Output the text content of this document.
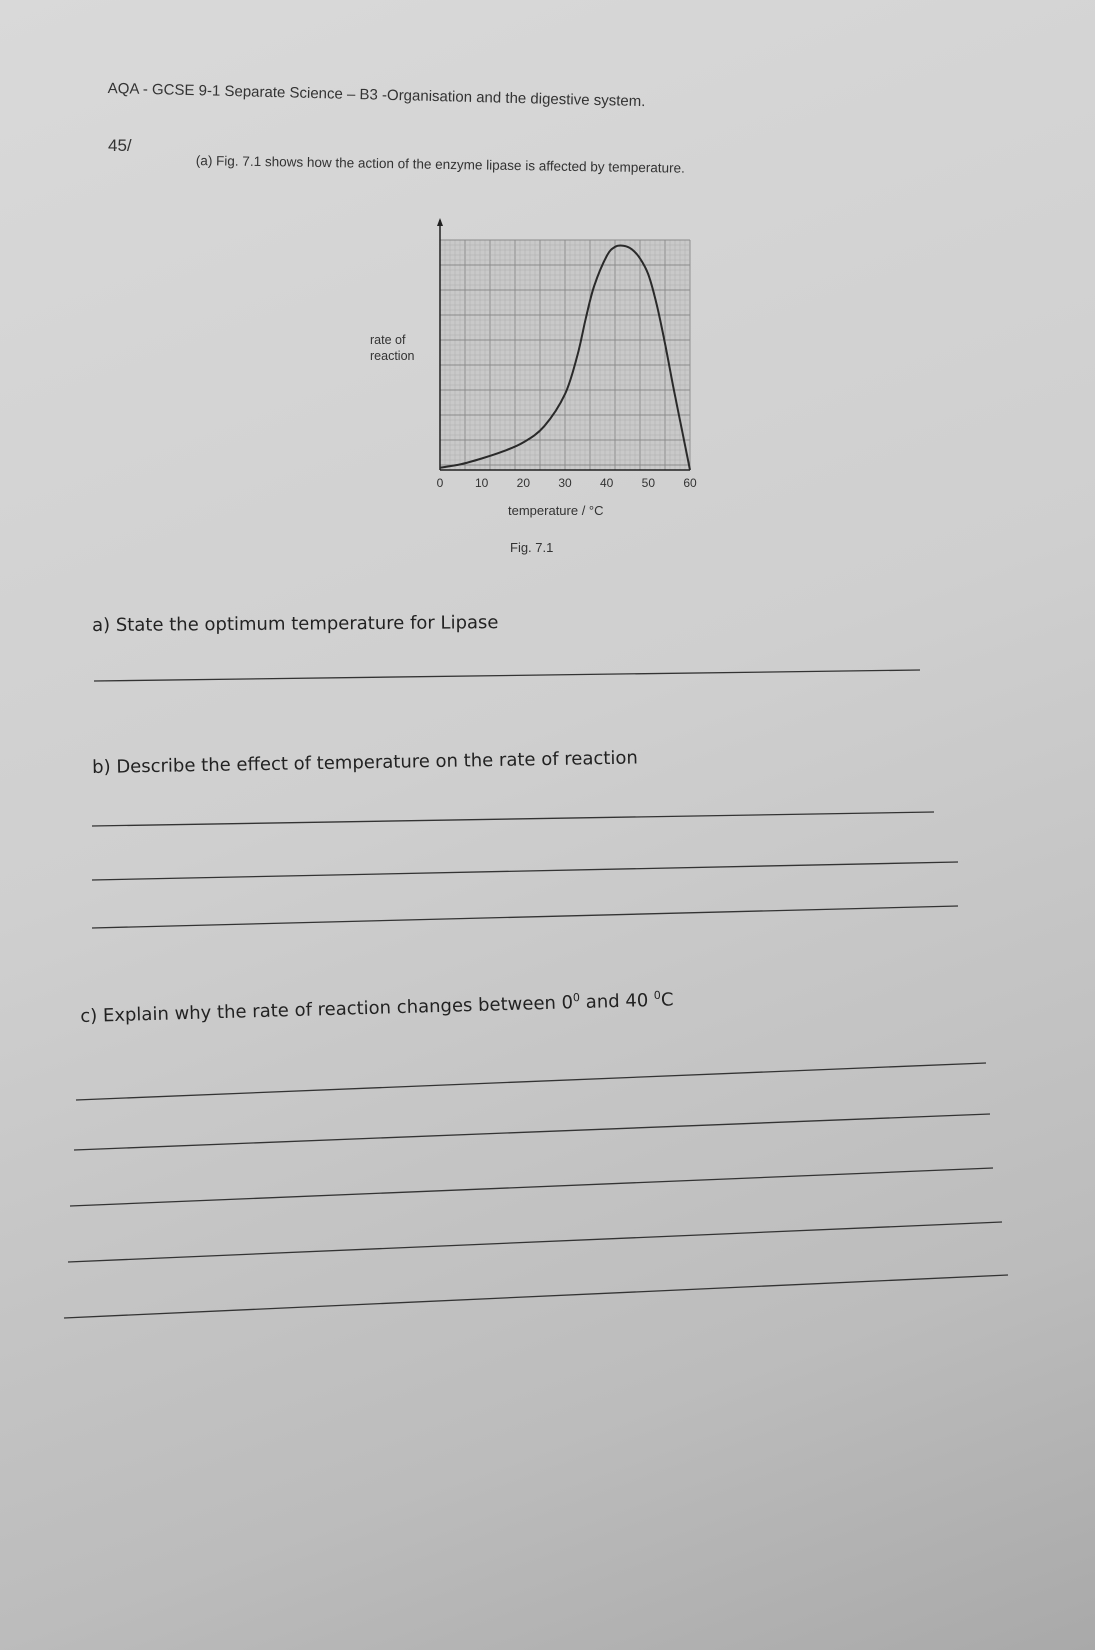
AQA - GCSE 9-1 Separate Science – B3 -Organisation and the digestive system.
45/
(a) Fig. 7.1 shows how the action of the enzyme lipase is affected by temperature.
rate of reaction
0	10 20 30 40 50 60
temperature / °C
Fig. 7.1
a) State the optimum temperature for Lipase
b) Describe the effect of temperature on the rate of reaction
c) Explain why the rate of reaction changes between $0^0$ and 40 $^0$C
